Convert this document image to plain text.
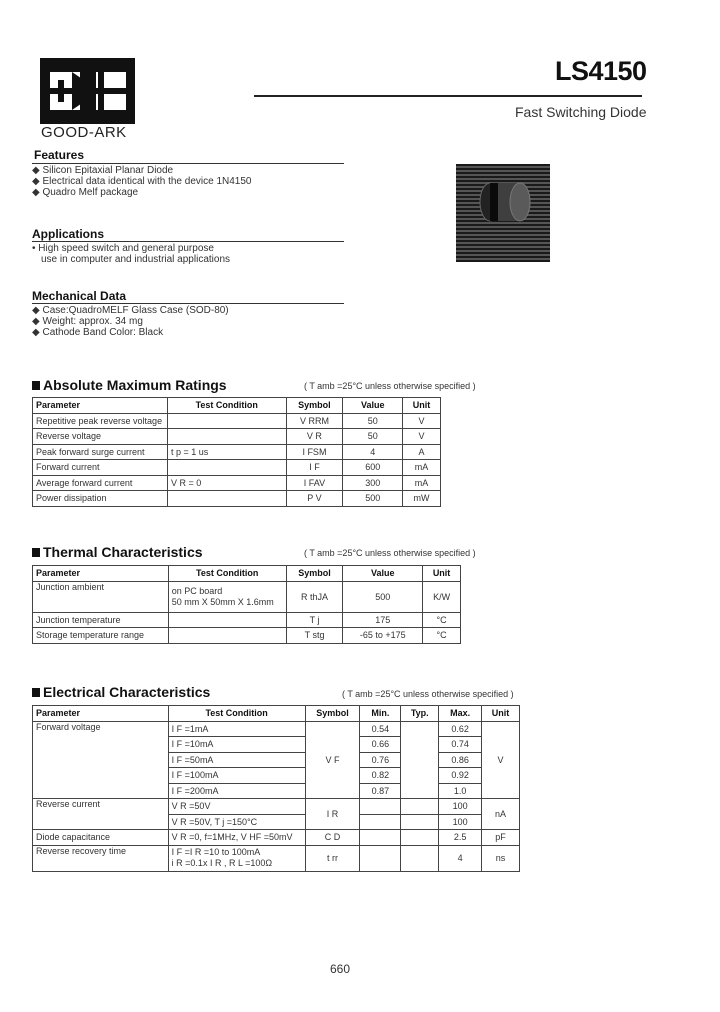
GOOD-ARK
LS4150
Fast Switching Diode
Features
◆ Silicon Epitaxial Planar Diode
◆ Electrical data identical with the device 1N4150
◆ Quadro Melf package
Applications
• High speed switch and general purpose
use in computer and industrial applications
Mechanical Data
◆ Case:QuadroMELF Glass Case (SOD-80)
◆ Weight: approx. 34 mg
◆ Cathode Band Color: Black
Absolute Maximum Ratings	( T amb =25°C unless otherwise specified )
Parameter	Test Condition	Symbol	Value	Unit
Repetitive peak reverse voltage		V RRM	50	V
Reverse voltage		V R	50	V
Peak forward surge current	t p = 1 us	I FSM	4	A
Forward current		I F	600	mA
Average forward current	V R = 0	I FAV	300	mA
Power dissipation		P V	500	mW
Thermal Characteristics	( T amb =25°C unless otherwise specified )
Parameter	Test Condition	Symbol	Value	Unit
Junction ambient	on PC board
50 mm X 50mm X 1.6mm	R thJA	500	K/W
Junction temperature		T j	175	°C
Storage temperature range		T stg	-65 to +175	°C
Electrical Characteristics	( T amb =25°C unless otherwise specified )
Parameter	Test Condition	Symbol	Min.	Typ.	Max.	Unit
Forward voltage	I F =1mA	V F	0.54		0.62	V
	I F =10mA		0.66		0.74	
	I F =50mA		0.76		0.86	
	I F =100mA		0.82		0.92	
	I F =200mA		0.87		1.0	
Reverse current	V R =50V	I R			100	nA
	V R =50V, T j =150°C				100	
Diode capacitance	V R =0, f=1MHz, V HF =50mV	C D			2.5	pF
Reverse recovery time	I F =I R =10 to 100mA
i R =0.1x I R , R L =100Ω	t rr			4	ns
660
